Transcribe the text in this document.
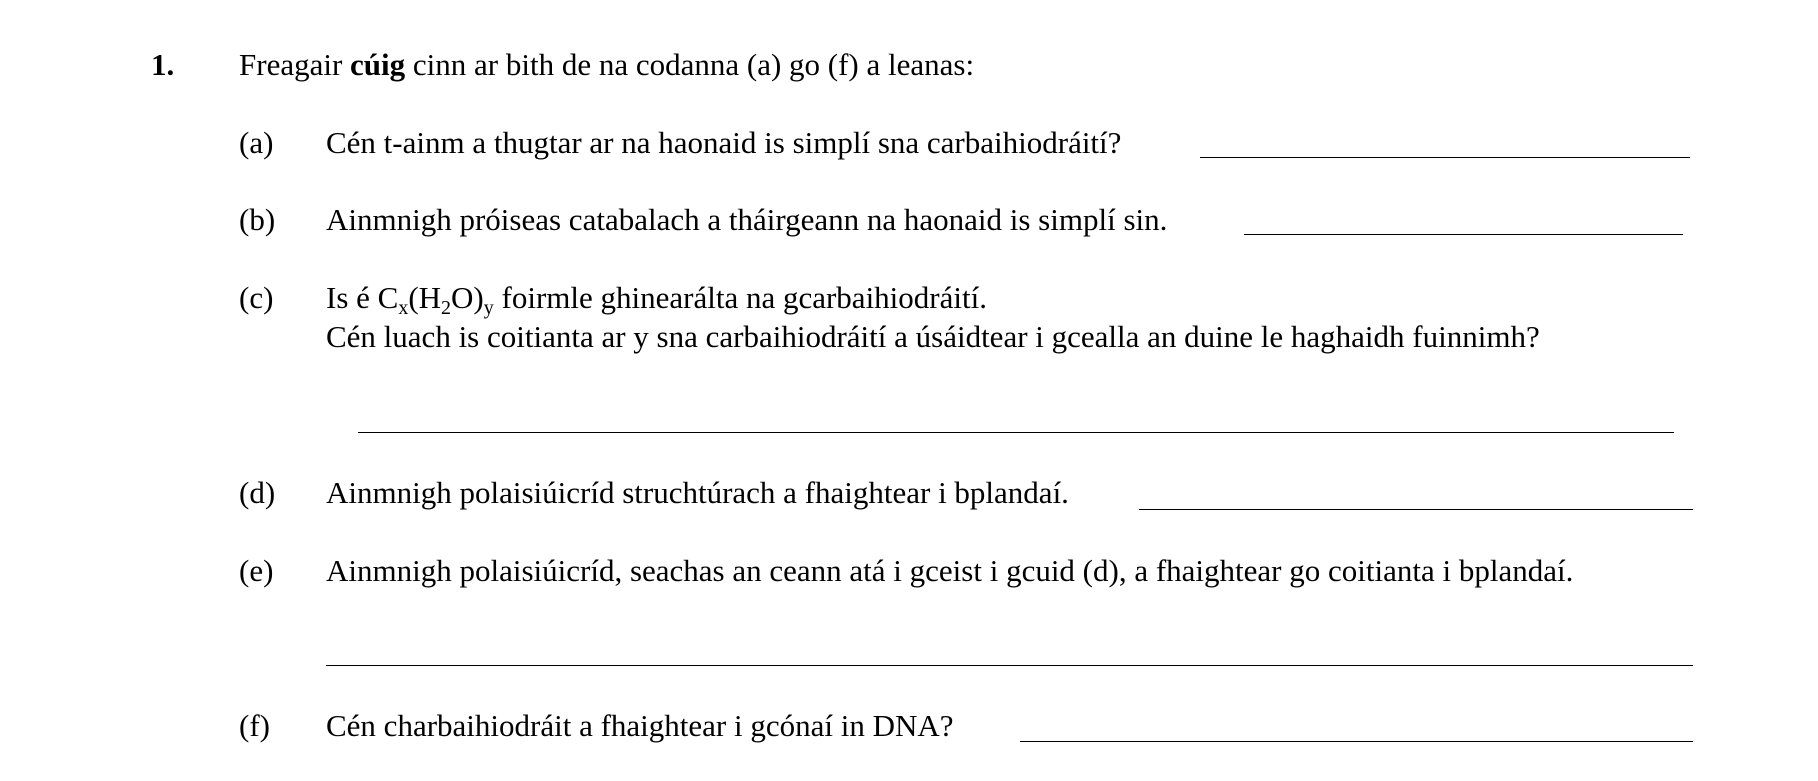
1. Freagair cúig cinn ar bith de na codanna (a) go (f) a leanas:
(a) Cén t-ainm a thugtar ar na haonaid is simplí sna carbaihiodráití?
(b) Ainmnigh próiseas catabalach a tháirgeann na haonaid is simplí sin.
(c) Is é $C_x(H_2O)_y$ foirmle ghinearálta na gcarbaihiodráití.
Cén luach is coitianta ar y sna carbaihiodráití a úsáidtear i gcealla an duine le haghaidh fuinnimh?
(d) Ainmnigh polaisiúicríd struchtúrach a fhaightear i bplandaí.
(e) Ainmnigh polaisiúicríd, seachas an ceann atá i gceist i gcuid (d), a fhaightear go coitianta i bplandaí.
(f) Cén charbaihiodráit a fhaightear i gcónaí in DNA?
